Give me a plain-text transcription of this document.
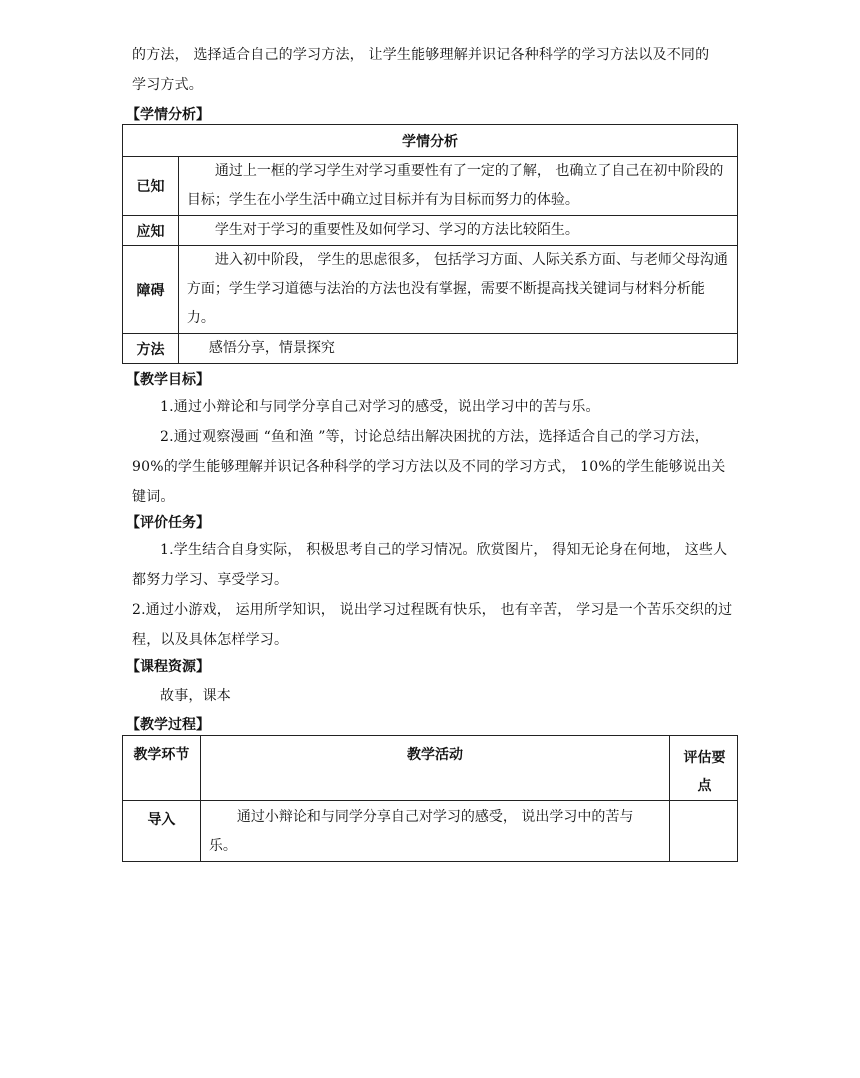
的方法， 选择适合自己的学习方法， 让学生能够理解并识记各种科学的学习方法以及不同的
学习方式。
【学情分析】
学情分析	
已知	通过上一框的学习学生对学习重要性有了一定的了解， 也确立了自己在初中阶段的目标；学生在小学生活中确立过目标并有为目标而努力的体验。
应知	学生对于学习的重要性及如何学习、学习的方法比较陌生。
障碍	进入初中阶段， 学生的思虑很多， 包括学习方面、人际关系方面、与老师父母沟通方面；学生学习道德与法治的方法也没有掌握，需要不断提高找关键词与材料分析能力。
方法	感悟分享，情景探究
【教学目标】
1.通过小辩论和与同学分享自己对学习的感受，说出学习中的苦与乐。
2.通过观察漫画 “鱼和渔 ”等，讨论总结出解决困扰的方法，选择适合自己的学习方法，90%的学生能够理解并识记各种科学的学习方法以及不同的学习方式， 10%的学生能够说出关键词。
【评价任务】
1.学生结合自身实际， 积极思考自己的学习情况。欣赏图片， 得知无论身在何地， 这些人都努力学习、享受学习。
2.通过小游戏， 运用所学知识， 说出学习过程既有快乐， 也有辛苦， 学习是一个苦乐交织的过程，以及具体怎样学习。
【课程资源】
故事，课本
【教学过程】
教学环节	教学活动	评估要点
导入	通过小辩论和与同学分享自己对学习的感受， 说出学习中的苦与乐。	
